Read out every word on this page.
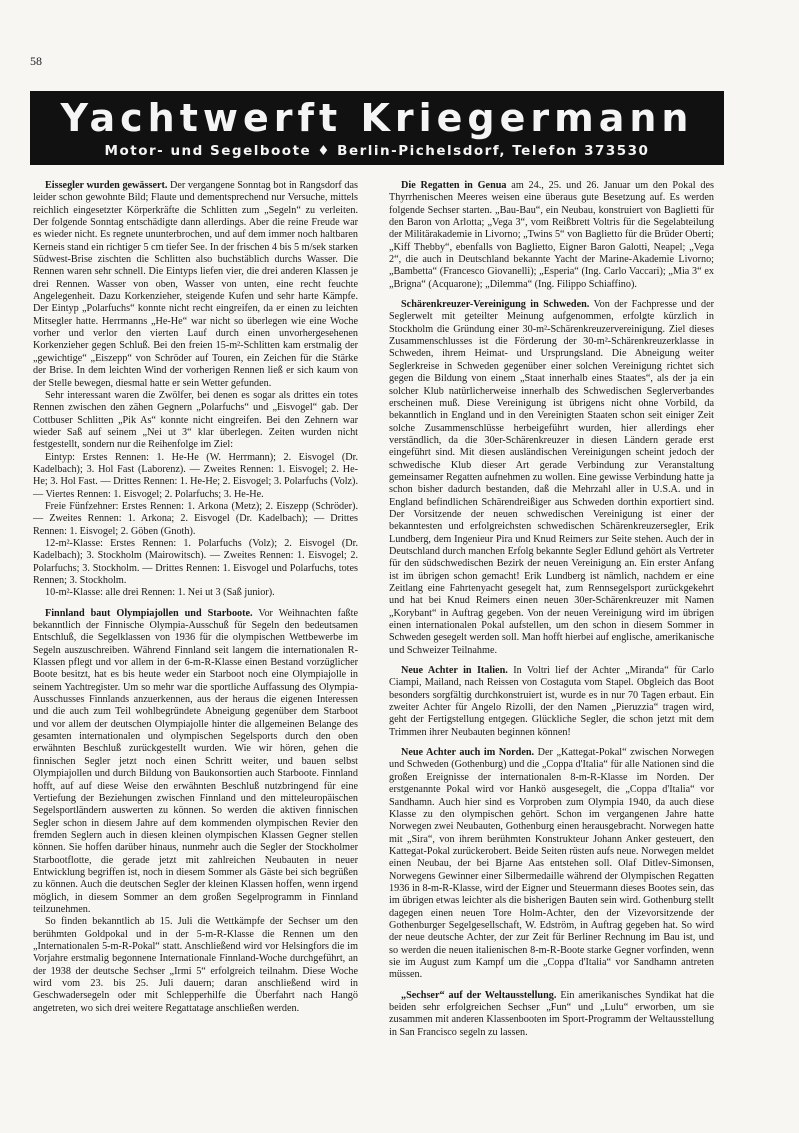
58
Yachtwerft Kriegermann
Motor- und Segelboote ♦ Berlin-Pichelsdorf, Telefon 373530

Eissegler wurden gewässert. Der vergangene Sonntag bot in Rangsdorf das leider schon gewohnte Bild; Flaute und dementsprechend nur Versuche, mittels reichlich eingesetzter Körperkräfte die Schlitten zum „Segeln“ zu verleiten. Der folgende Sonntag entschädigte dann allerdings. Aber die reine Freude war es wieder nicht. Es regnete ununterbrochen, und auf dem immer noch haltbaren Kerneis stand ein richtiger 5 cm tiefer See. In der frischen 4 bis 5 m/sek starken Südwest-Brise zischten die Schlitten also buchstäblich durchs Wasser. Die Rennen waren sehr schnell. Die Eintyps liefen vier, die drei anderen Klassen je drei Rennen. Wasser von oben, Wasser von unten, eine recht feuchte Angelegenheit. Dazu Korkenzieher, steigende Kufen und sehr harte Kämpfe. Der Eintyp „Polarfuchs“ konnte nicht recht eingreifen, da er einen zu leichten Mitsegler hatte. Herrmanns „He-He“ war nicht so überlegen wie eine Woche vorher und verlor den vierten Lauf durch einen unvorhergesehenen Korkenzieher gegen Schluß. Bei den freien 15-m²-Schlitten kam erstmalig der „gewichtige“ „Eiszepp“ von Schröder auf Touren, ein Zeichen für die Stärke der Brise. In dem leichten Wind der vorherigen Rennen ließ er sich kaum von der Stelle bewegen, diesmal hatte er sein Wetter gefunden.

Sehr interessant waren die Zwölfer, bei denen es sogar als drittes ein totes Rennen zwischen den zähen Gegnern „Polarfuchs“ und „Eisvogel“ gab. Der Cottbuser Schlitten „Pik As“ konnte nicht eingreifen. Bei den Zehnern war wieder Saß auf seinem „Nei ut 3“ klar überlegen. Zeiten wurden nicht festgestellt, sondern nur die Reihenfolge im Ziel:

Eintyp: Erstes Rennen: 1. He-He (W. Herrmann); 2. Eisvogel (Dr. Kadelbach); 3. Hol Fast (Laborenz). — Zweites Rennen: 1. Eisvogel; 2. He-He; 3. Hol Fast. — Drittes Rennen: 1. He-He; 2. Eisvogel; 3. Polarfuchs (Volz). — Viertes Rennen: 1. Eisvogel; 2. Polarfuchs; 3. He-He.

Freie Fünfzehner: Erstes Rennen: 1. Arkona (Metz); 2. Eiszepp (Schröder). — Zweites Rennen: 1. Arkona; 2. Eisvogel (Dr. Kadelbach); — Drittes Rennen: 1. Eisvogel; 2. Göben (Gnoth).

12-m²-Klasse: Erstes Rennen: 1. Polarfuchs (Volz); 2. Eisvogel (Dr. Kadelbach); 3. Stockholm (Mairowitsch). — Zweites Rennen: 1. Eisvogel; 2. Polarfuchs; 3. Stockholm. — Drittes Rennen: 1. Eisvogel und Polarfuchs, totes Rennen; 3. Stockholm.

10-m²-Klasse: alle drei Rennen: 1. Nei ut 3 (Saß junior).

Finnland baut Olympiajollen und Starboote. Vor Weihnachten faßte bekanntlich der Finnische Olympia-Ausschuß für Segeln den bedeutsamen Entschluß, die Segelklassen von 1936 für die olympischen Wettbewerbe im Segeln auszuschreiben. Während Finnland seit langem die internationalen R-Klassen pflegt und vor allem in der 6-m-R-Klasse einen Bestand vorzüglicher Boote besitzt, hat es bis heute weder ein Starboot noch eine Olympiajolle in seinem Yachtregister. Um so mehr war die sportliche Auffassung des Olympia-Ausschusses Finnlands anzuerkennen, aus der heraus die eigenen Interessen und die auch zum Teil wohlbegründete Abneigung gegenüber dem Starboot und vor allem der deutschen Olympiajolle hinter die allgemeinen Belange des gesamten internationalen und olympischen Segelsports durch den oben erwähnten Beschluß zurückgestellt wurden. Wie wir hören, gehen die finnischen Segler jetzt noch einen Schritt weiter, und bauen selbst Olympiajollen und durch Bildung von Baukonsortien auch Starboote. Finnland hofft, auf auf diese Weise den erwähnten Beschluß nutzbringend für eine Vertiefung der Beziehungen zwischen Finnland und den mitteleuropäischen Segelsportländern auswerten zu können. So werden die aktiven finnischen Segler schon in diesem Jahre auf dem kommenden olympischen Revier den fremden Seglern auch in diesen kleinen olympischen Klassen Gegner stellen können. Sie hoffen darüber hinaus, nunmehr auch die Segler der Stockholmer Starbootflotte, die gerade jetzt mit zahlreichen Neubauten in neuer Entwicklung begriffen ist, noch in diesem Sommer als Gäste bei sich begrüßen zu können. Auch die deutschen Segler der kleinen Klassen hoffen, wenn irgend möglich, in diesem Sommer an dem großen Segelprogramm in Finnland teilzunehmen.

So finden bekanntlich ab 15. Juli die Wettkämpfe der Sechser um den berühmten Goldpokal und in der 5-m-R-Klasse die Rennen um den „Internationalen 5-m-R-Pokal“ statt. Anschließend wird vor Helsingfors die im Vorjahre erstmalig begonnene Internationale Finnland-Woche durchgeführt, an der 1938 der deutsche Sechser „Irmi 5“ erfolgreich teilnahm. Diese Woche wird vom 23. bis 25. Juli dauern; daran anschließend wird in Geschwadersegeln oder mit Schlepperhilfe die Überfahrt nach Hangö angetreten, wo sich drei weitere Regattatage anschließen werden.

Die Regatten in Genua am 24., 25. und 26. Januar um den Pokal des Thyrrhenischen Meeres weisen eine überaus gute Besetzung auf. Es werden folgende Sechser starten. „Bau-Bau“, ein Neubau, konstruiert von Baglietti für den Baron von Arlotta; „Vega 3“, vom Reißbrett Voltris für die Segelabteilung der Militärakademie in Livorno; „Twins 5“ von Baglietto für die Brüder Oberti; „Kiff Thebby“, ebenfalls von Baglietto, Eigner Baron Galotti, Neapel; „Vega 2“, die auch in Deutschland bekannte Yacht der Marine-Akademie Livorno; „Bambetta“ (Francesco Giovanelli); „Esperia“ (Ing. Carlo Vaccari); „Mia 3“ ex „Brigna“ (Acquarone); „Dilemma“ (Ing. Filippo Schiaffino).

Schärenkreuzer-Vereinigung in Schweden. Von der Fachpresse und der Seglerwelt mit geteilter Meinung aufgenommen, erfolgte kürzlich in Stockholm die Gründung einer 30-m²-Schärenkreuzervereinigung. Ziel dieses Zusammenschlusses ist die Förderung der 30-m²-Schärenkreuzerklasse in Schweden, ihrem Heimat- und Ursprungsland. Die Abneigung weiter Seglerkreise in Schweden gegenüber einer solchen Vereinigung richtet sich gegen die Bildung von einem „Staat innerhalb eines Staates“, als der ja ein solcher Klub natürlicherweise innerhalb des Schwedischen Seglerverbandes erscheinen muß. Diese Vereinigung ist übrigens nicht ohne Vorbild, da bekanntlich in England und in den Vereinigten Staaten schon seit einiger Zeit solche Zusammenschlüsse herbeigeführt wurden, hier allerdings eher verständlich, da die 30er-Schärenkreuzer in diesen Ländern gerade erst eingeführt sind. Mit diesen ausländischen Vereinigungen scheint jedoch der schwedische Klub dieser Art gerade Verbindung zur Veranstaltung gemeinsamer Regatten aufnehmen zu wollen. Eine gewisse Verbindung hatte ja schon bisher dadurch bestanden, daß die Mehrzahl aller in U.S.A. und in England befindlichen Schärendreißiger aus Schweden dorthin exportiert sind. Der Vorsitzende der neuen schwedischen Vereinigung ist einer der bekanntesten und erfolgreichsten schwedischen Schärenkreuzersegler, Erik Lundberg, dem Ingenieur Pira und Knud Reimers zur Seite stehen. Auch der in Deutschland durch manchen Erfolg bekannte Segler Edlund gehört als Vertreter für den südschwedischen Bezirk der neuen Vereinigung an. Ein erster Anfang ist im übrigen schon gemacht! Erik Lundberg ist nämlich, nachdem er eine Zeitlang eine Fahrtenyacht gesegelt hat, zum Rennsegelsport zurückgekehrt und hat bei Knud Reimers einen neuen 30er-Schärenkreuzer mit Namen „Korybant“ in Auftrag gegeben. Von der neuen Vereinigung wird im übrigen einen internationalen Pokal aufstellen, um den schon in diesem Sommer in Schweden gesegelt werden soll. Man hofft hierbei auf englische, amerikanische und Schweizer Teilnahme.

Neue Achter in Italien. In Voltri lief der Achter „Miranda“ für Carlo Ciampi, Mailand, nach Reissen von Costaguta vom Stapel. Obgleich das Boot besonders sorgfältig durchkonstruiert ist, wurde es in nur 70 Tagen erbaut. Ein zweiter Achter für Angelo Rizolli, der den Namen „Pieruzzia“ tragen wird, geht der Fertigstellung entgegen. Glückliche Segler, die schon jetzt mit dem Trimmen ihrer Neubauten beginnen können!

Neue Achter auch im Norden. Der „Kattegat-Pokal“ zwischen Norwegen und Schweden (Gothenburg) und die „Coppa d'Italia“ für alle Nationen sind die großen Ereignisse der internationalen 8-m-R-Klasse im Norden. Der erstgenannte Pokal wird vor Hankö ausgesegelt, die „Coppa d'Italia“ vor Sandhamn. Auch hier sind es Vorproben zum Olympia 1940, da auch diese Klasse zu den olympischen gehört. Schon im vergangenen Jahre hatte Norwegen zwei Neubauten, Gothenburg einen herausgebracht. Norwegen hatte mit „Sira“, von ihrem berühmten Konstrukteur Johann Anker gesteuert, den Kattegat-Pokal zurückerobert. Beide Seiten rüsten aufs neue. Norwegen meldet einen Neubau, der bei Bjarne Aas entstehen soll. Olaf Ditlev-Simonsen, Norwegens Gewinner einer Silbermedaille während der Olympischen Regatten 1936 in 8-m-R-Klasse, wird der Eigner und Steuermann dieses Bootes sein, das im übrigen etwas leichter als die bisherigen Bauten sein wird. Gothenburg stellt dagegen einen neuen Tore Holm-Achter, den der Vizevorsitzende der Gothenburger Segelgesellschaft, W. Edström, in Auftrag gegeben hat. So wird der neue deutsche Achter, der zur Zeit für Berliner Rechnung im Bau ist, und so werden die neuen italienischen 8-m-R-Boote starke Gegner vorfinden, wenn sie im August zum Kampf um die „Coppa d'Italia“ vor Sandhamn antreten müssen.

„Sechser“ auf der Weltausstellung. Ein amerikanisches Syndikat hat die beiden sehr erfolgreichen Sechser „Fun“ und „Lulu“ erworben, um sie zusammen mit anderen Klassenbooten im Sport-Programm der Weltausstellung in San Francisco segeln zu lassen.
